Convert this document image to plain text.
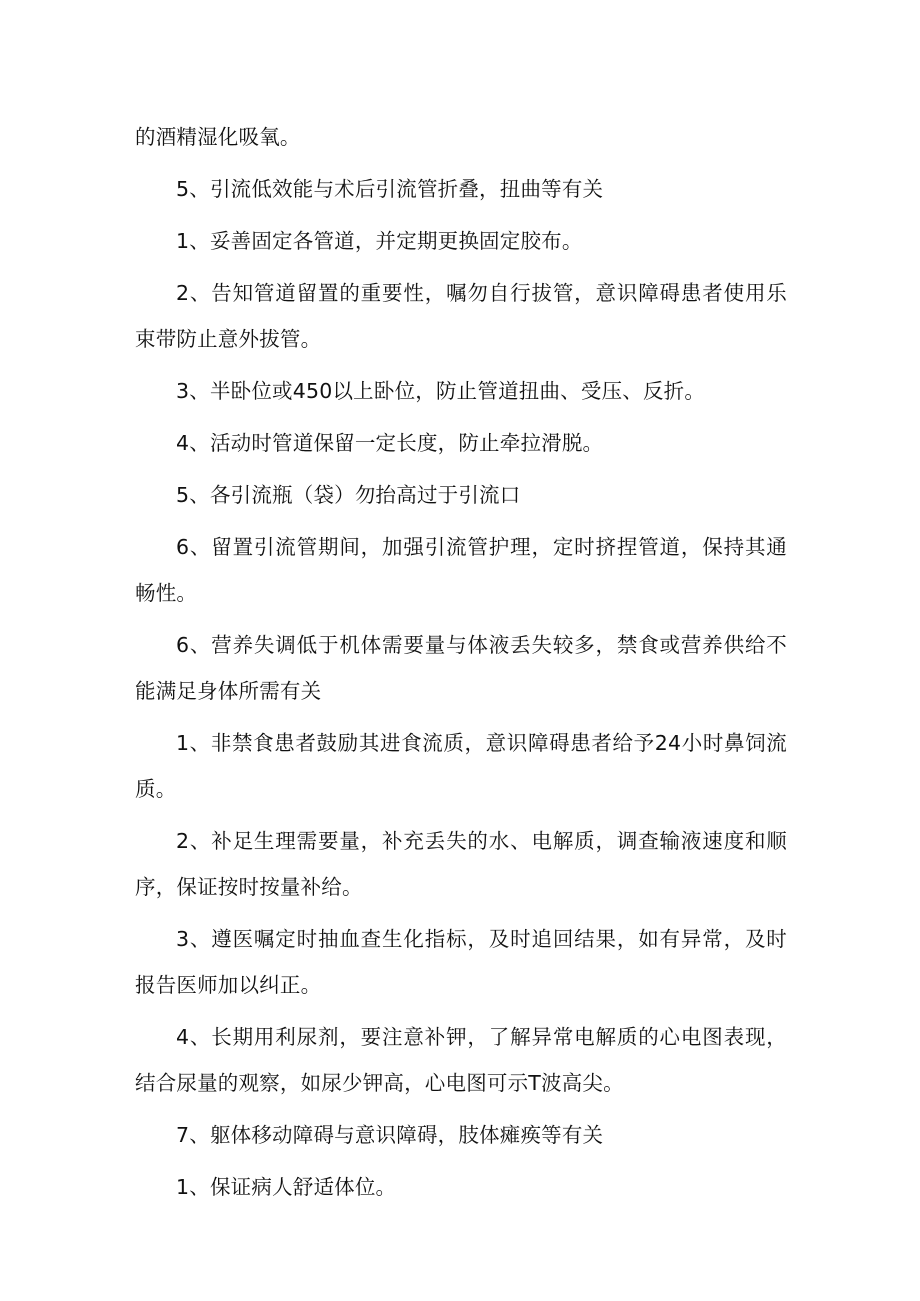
的酒精湿化吸氧。

5、引流低效能与术后引流管折叠，扭曲等有关

1、妥善固定各管道，并定期更换固定胶布。

2、告知管道留置的重要性，嘱勿自行拔管，意识障碍患者使用乐束带防止意外拔管。

3、半卧位或450以上卧位，防止管道扭曲、受压、反折。

4、活动时管道保留一定长度，防止牵拉滑脱。

5、各引流瓶（袋）勿抬高过于引流口

6、留置引流管期间，加强引流管护理，定时挤捏管道，保持其通畅性。

6、营养失调低于机体需要量与体液丢失较多，禁食或营养供给不能满足身体所需有关

1、非禁食患者鼓励其进食流质，意识障碍患者给予24小时鼻饲流质。

2、补足生理需要量，补充丢失的水、电解质，调查输液速度和顺序，保证按时按量补给。

3、遵医嘱定时抽血查生化指标，及时追回结果，如有异常，及时报告医师加以纠正。

4、长期用利尿剂，要注意补钾，了解异常电解质的心电图表现，结合尿量的观察，如尿少钾高，心电图可示T波高尖。

7、躯体移动障碍与意识障碍，肢体瘫痪等有关

1、保证病人舒适体位。
